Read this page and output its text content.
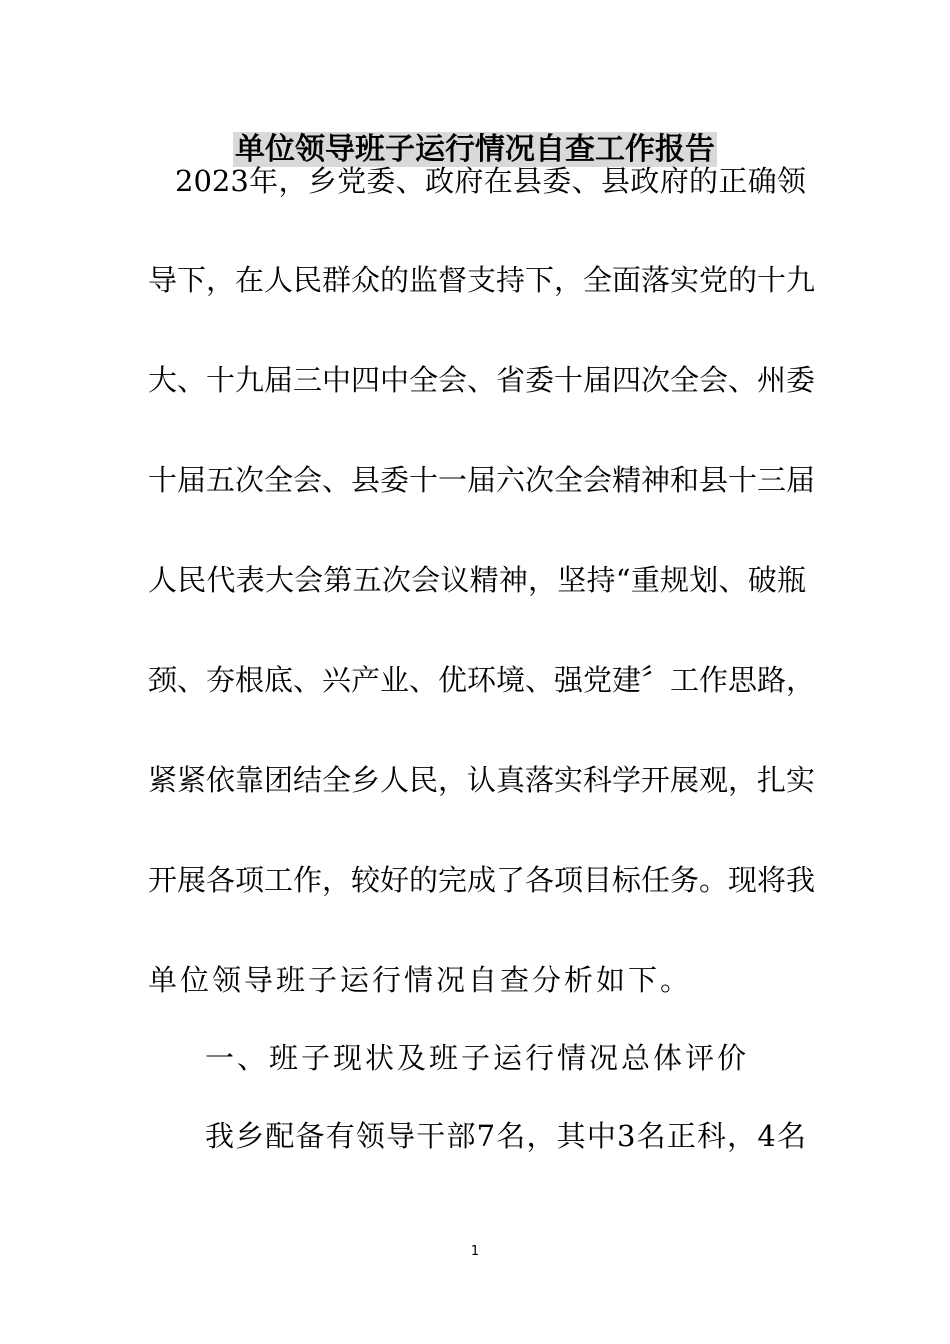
单位领导班子运行情况自查工作报告
2023年，乡党委、政府在县委、县政府的正确领
导下，在人民群众的监督支持下，全面落实党的十九
大、十九届三中四中全会、省委十届四次全会、州委
十届五次全会、县委十一届六次全会精神和县十三届
人民代表大会第五次会议精神，坚持“重规划、破瓶
颈、夯根底、兴产业、优环境、强党建〞工作思路，
紧紧依靠团结全乡人民，认真落实科学开展观，扎实
开展各项工作，较好的完成了各项目标任务。现将我
单位领导班子运行情况自查分析如下。
一、班子现状及班子运行情况总体评价
我乡配备有领导干部7名，其中3名正科，4名
1
